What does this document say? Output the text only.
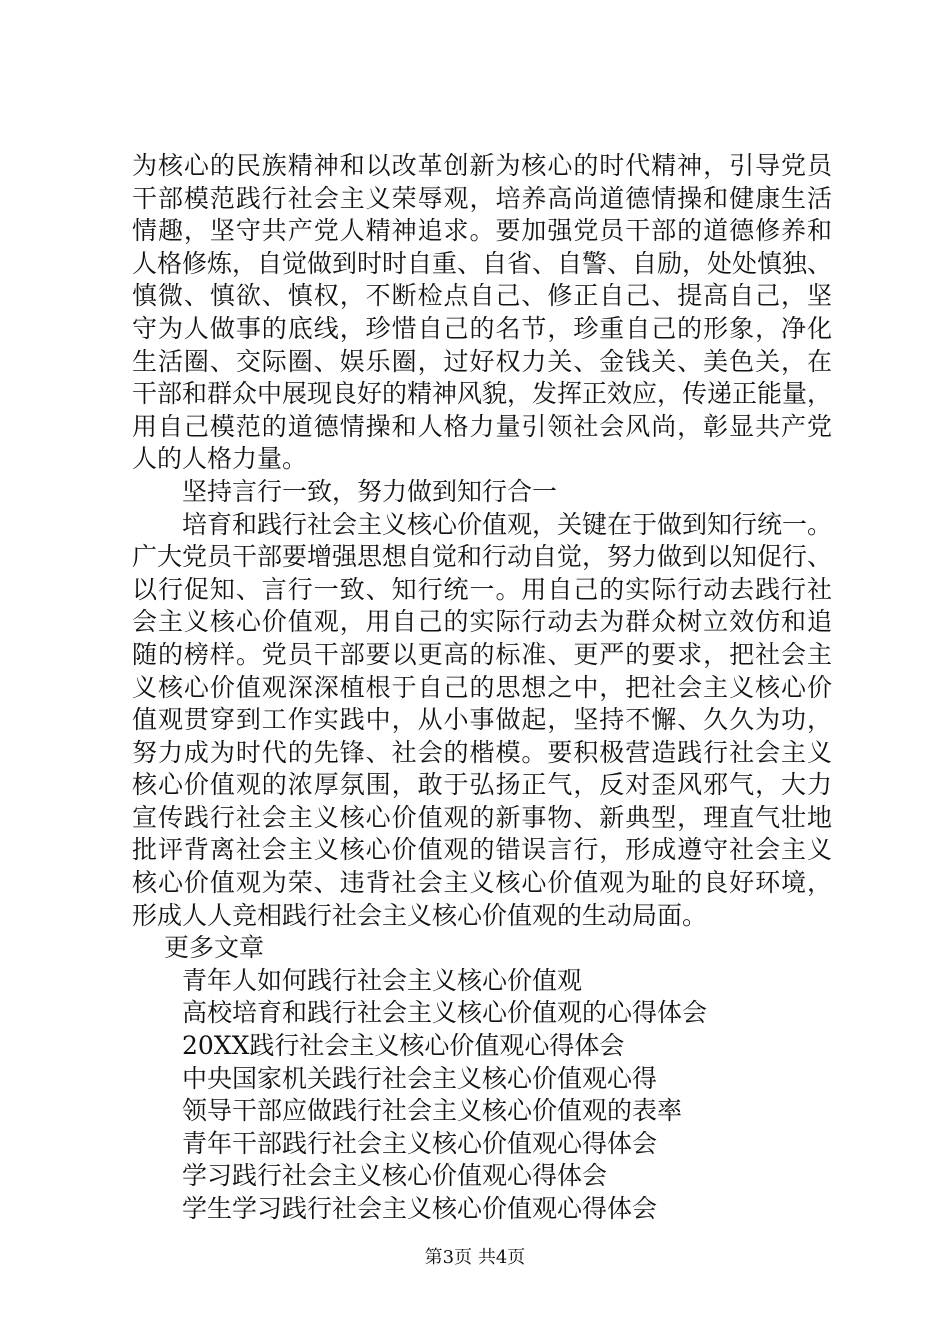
为核心的民族精神和以改革创新为核心的时代精神，引导党员
干部模范践行社会主义荣辱观，培养高尚道德情操和健康生活
情趣，坚守共产党人精神追求。要加强党员干部的道德修养和
人格修炼，自觉做到时时自重、自省、自警、自励，处处慎独、
慎微、慎欲、慎权，不断检点自己、修正自己、提高自己，坚
守为人做事的底线，珍惜自己的名节，珍重自己的形象，净化
生活圈、交际圈、娱乐圈，过好权力关、金钱关、美色关，在
干部和群众中展现良好的精神风貌，发挥正效应，传递正能量，
用自己模范的道德情操和人格力量引领社会风尚，彰显共产党
人的人格力量。
坚持言行一致，努力做到知行合一
培育和践行社会主义核心价值观，关键在于做到知行统一。
广大党员干部要增强思想自觉和行动自觉，努力做到以知促行、
以行促知、言行一致、知行统一。用自己的实际行动去践行社
会主义核心价值观，用自己的实际行动去为群众树立效仿和追
随的榜样。党员干部要以更高的标准、更严的要求，把社会主
义核心价值观深深植根于自己的思想之中，把社会主义核心价
值观贯穿到工作实践中，从小事做起，坚持不懈、久久为功，
努力成为时代的先锋、社会的楷模。要积极营造践行社会主义
核心价值观的浓厚氛围，敢于弘扬正气，反对歪风邪气，大力
宣传践行社会主义核心价值观的新事物、新典型，理直气壮地
批评背离社会主义核心价值观的错误言行，形成遵守社会主义
核心价值观为荣、违背社会主义核心价值观为耻的良好环境，
形成人人竞相践行社会主义核心价值观的生动局面。
更多文章
青年人如何践行社会主义核心价值观
高校培育和践行社会主义核心价值观的心得体会
20XX践行社会主义核心价值观心得体会
中央国家机关践行社会主义核心价值观心得
领导干部应做践行社会主义核心价值观的表率
青年干部践行社会主义核心价值观心得体会
学习践行社会主义核心价值观心得体会
学生学习践行社会主义核心价值观心得体会
第3页 共4页
